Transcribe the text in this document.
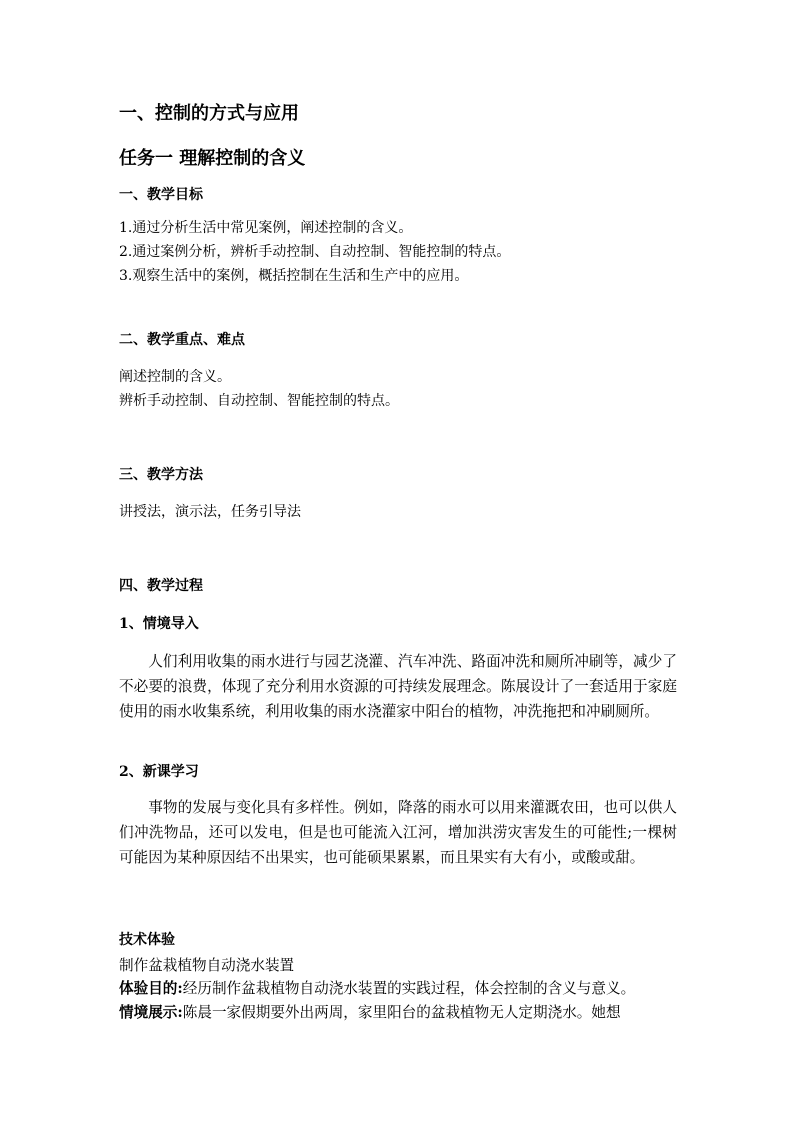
一、控制的方式与应用
任务一 理解控制的含义
一、教学目标
1.通过分析生活中常见案例，阐述控制的含义。
2.通过案例分析，辨析手动控制、自动控制、智能控制的特点。
3.观察生活中的案例，概括控制在生活和生产中的应用。
二、教学重点、难点
阐述控制的含义。
辨析手动控制、自动控制、智能控制的特点。
三、教学方法
讲授法，演示法，任务引导法
四、教学过程
1、情境导入
人们利用收集的雨水进行与园艺浇灌、汽车冲洗、路面冲洗和厕所冲刷等，减少了不必要的浪费，体现了充分利用水资源的可持续发展理念。陈展设计了一套适用于家庭使用的雨水收集系统，利用收集的雨水浇灌家中阳台的植物，冲洗拖把和冲刷厕所。
2、新课学习
事物的发展与变化具有多样性。例如，降落的雨水可以用来灌溉农田，也可以供人们冲洗物品，还可以发电，但是也可能流入江河，增加洪涝灾害发生的可能性;一棵树可能因为某种原因结不出果实，也可能硕果累累，而且果实有大有小，或酸或甜。
技术体验
制作盆栽植物自动浇水装置
体验目的:经历制作盆栽植物自动浇水装置的实践过程，体会控制的含义与意义。
情境展示:陈晨一家假期要外出两周，家里阳台的盆栽植物无人定期浇水。她想
